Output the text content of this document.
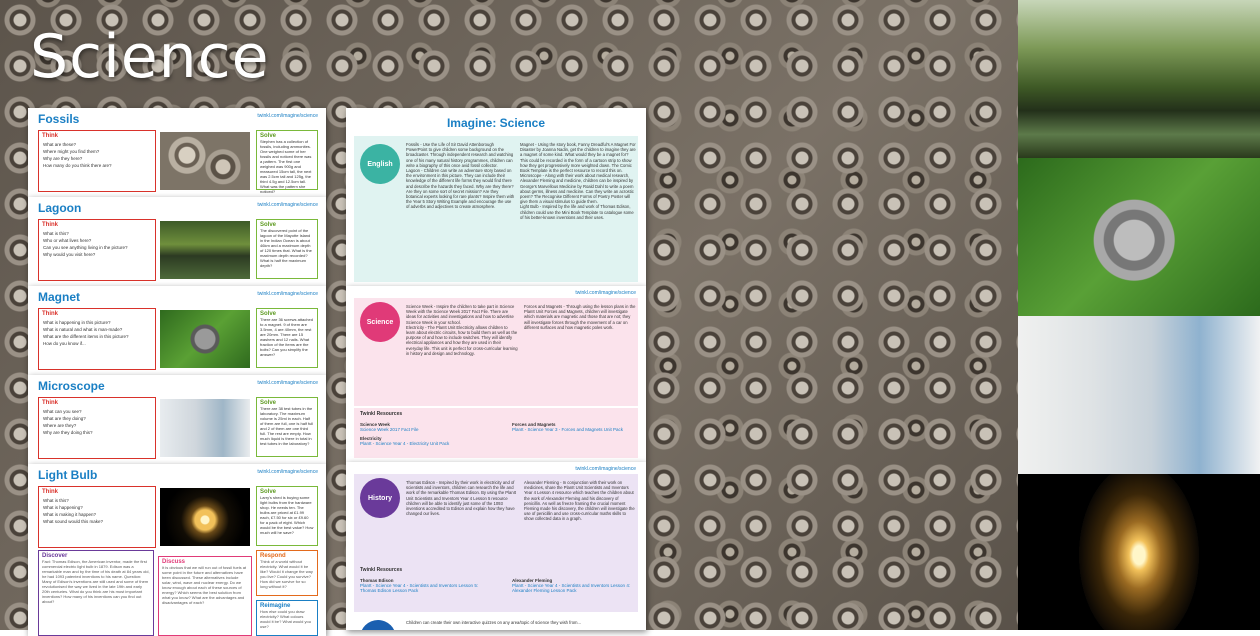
Science
Fossils	twinkl.com/imagine/science
Think
What are these?
Where might you find them?
Why are they here?
How many do you think there are?
Solve
Stephen has a collection of fossils, including ammonites. One weighed some of her fossils and noticed there was a pattern. The first one weighed was 900g and measured 15cm tall, the next was 2.5cm tall and 125g, the third 4.5g and 12.5cm tall. What was the pattern she noticed?
Lagoon	twinkl.com/imagine/science
Think
What is this?
Who or what lives here?
Can you see anything living in the picture?
Why would you visit here?
Solve
The discovered point of the lagoon of the Mayotte Island in the Indian Ocean is about 46km and a maximum depth of 120 times that. What is the maximum depth recorded? What is half the maximum depth?
Magnet	twinkl.com/imagine/science
Think
What is happening in this picture?
What is natural and what is man-made?
What are the different items in this picture?
How do you know if...
Solve
There are 36 screws attached to a magnet. 9 of them are 3.5mm, 4 are 40mm, the rest are 20mm. There are 15 washers and 12 nails. What fraction of the items are the bolts? Can you simplify the answer?
Microscope	twinkl.com/imagine/science
Think
What can you see?
What are they doing?
Where are they?
Why are they doing this?
Solve
There are 38 test tubes in the laboratory. The maximum volume is 25ml in each. Half of them are full, one is half full and 2 of them are one third full. The rest are empty. How much liquid is there in total in test tubes in the laboratory?
Light Bulb	twinkl.com/imagine/science
Think
What is this?
What is happening?
What is making it happen?
What sound would this make?
Solve
Larry's shed is buying some light bulbs from the hardware shop. He needs ten. The bulbs are priced at £1.99 each, £7.50 for six or £9.60 for a pack of eight. Which would be the best value? How much will he save?
Discover
Fact: Thomas Edison, the American inventor, made the first commercial electric light bulb in 1879. Edison was a remarkable man and by the time of his death at 84 years old, he had 1093 patented inventions to his name. Question: Many of Edison's inventions are still used and some of them revolutionised the way we lived in the late 19th and early 20th centuries. What do you think are his most important inventions? How many of his inventions can you find out about?
Discuss
It is obvious that we will run out of fossil fuels at some point in the future and alternatives have been discussed. These alternatives include solar, wind, wave and nuclear energy. Do we know enough about each of these sources of energy? Which seems the best solution from what you know? What are the advantages and disadvantages of each?
Respond
Think of a world without electricity. What would it be like? Would it change the way you live? Could you survive? How did we survive for so long without it?
Reimagine
How else could you draw electricity? What colours would it be? What would you use?
Imagine: Science
English
Fossils - Use the Life of Sir David Attenborough PowerPoint to give children some background on the broadcaster. Through independent research and watching one of his many natural history programmes, children can write a biography of this once avid fossil collector.
Lagoon - Children can write an adventure story based on the environment in this picture. They can include their knowledge of the different life forms they would find there and describe the hazards they faced. Why are they there? Are they on some sort of secret mission? Are they botanical experts looking for rare plants? Inspire them with the Year 5 Story Writing Example and encourage the use of adverbs and adjectives to create atmosphere.
Magnet - Using the story book, Fanny Dreadful's A Magnet For Disaster by Joanna Nadin, get the children to imagine they are a magnet of some kind. What would they be a magnet for? This could be recorded in the form of a cartoon strip to show how they get progressively more weighted down. The Comic Book Template is the perfect resource to record this on.
Microscope - Along with their work about medical research, Alexander Fleming and medicine, children can be inspired by George's Marvellous Medicine by Roald Dahl to write a poem about germs, illness and medicine. Can they write an acrostic poem? The Recognise Different Forms of Poetry Poster will give them a visual stimulus to guide them.
Light Bulb - Inspired by the life and work of Thomas Edison, children could use the Mini Book Template to catalogue some of his better-known inventions and their uses.
twinkl.com/imagine/science
Science
Science Week - Inspire the children to take part in Science Week with the Science Week 2017 Fact File. There are ideas for activities and investigations and how to advertise Science Week in your school.
Electricity - The PlanIt Unit Electricity allows children to learn about electric circuits, how to build them as well as the purpose of and how to include switches. They will identify electrical appliances and how they are used in their everyday life. This unit is perfect for cross-curricular learning in history and design and technology.
Forces and Magnets - Through using the lesson plans in the PlanIt Unit Forces and Magnets, children will investigate which materials are magnetic and those that are not; they will investigate forces through the movement of a car on different surfaces and how magnetic poles work.
Twinkl Resources
Science Week
Science Week 2017 Fact File
Electricity
PlanIt - Science Year 4 - Electricity Unit Pack
Forces and Magnets
PlanIt - Science Year 3 - Forces and Magnets Unit Pack
twinkl.com/imagine/science
History
Thomas Edison - Inspired by their work in electricity and of scientists and inventors, children can research the life and work of the remarkable Thomas Edison. By using the PlanIt Unit Scientists and Inventors Year 4 Lesson 5 resource children will be able to identify just some of the 1093 inventions accredited to Edison and explain how they have changed our lives.
Alexander Fleming - In conjunction with their work on medicines, share the PlanIt Unit Scientists and Inventors Year 4 Lesson 4 resource which teaches the children about the work of Alexander Fleming and his discovery of penicillin. As well as freeze framing the crucial moment Fleming made his discovery, the children will investigate the use of penicillin and use cross-curricular maths skills to show collected data in a graph.
Twinkl Resources
Thomas Edison
PlanIt - Science Year 4 - Scientists and Inventors Lesson 5: Thomas Edison Lesson Pack
Alexander Fleming
PlanIt - Science Year 4 - Scientists and Inventors Lesson 4: Alexander Fleming Lesson Pack
Children can create their own interactive quizzes on any area/topic of science they wish from...
